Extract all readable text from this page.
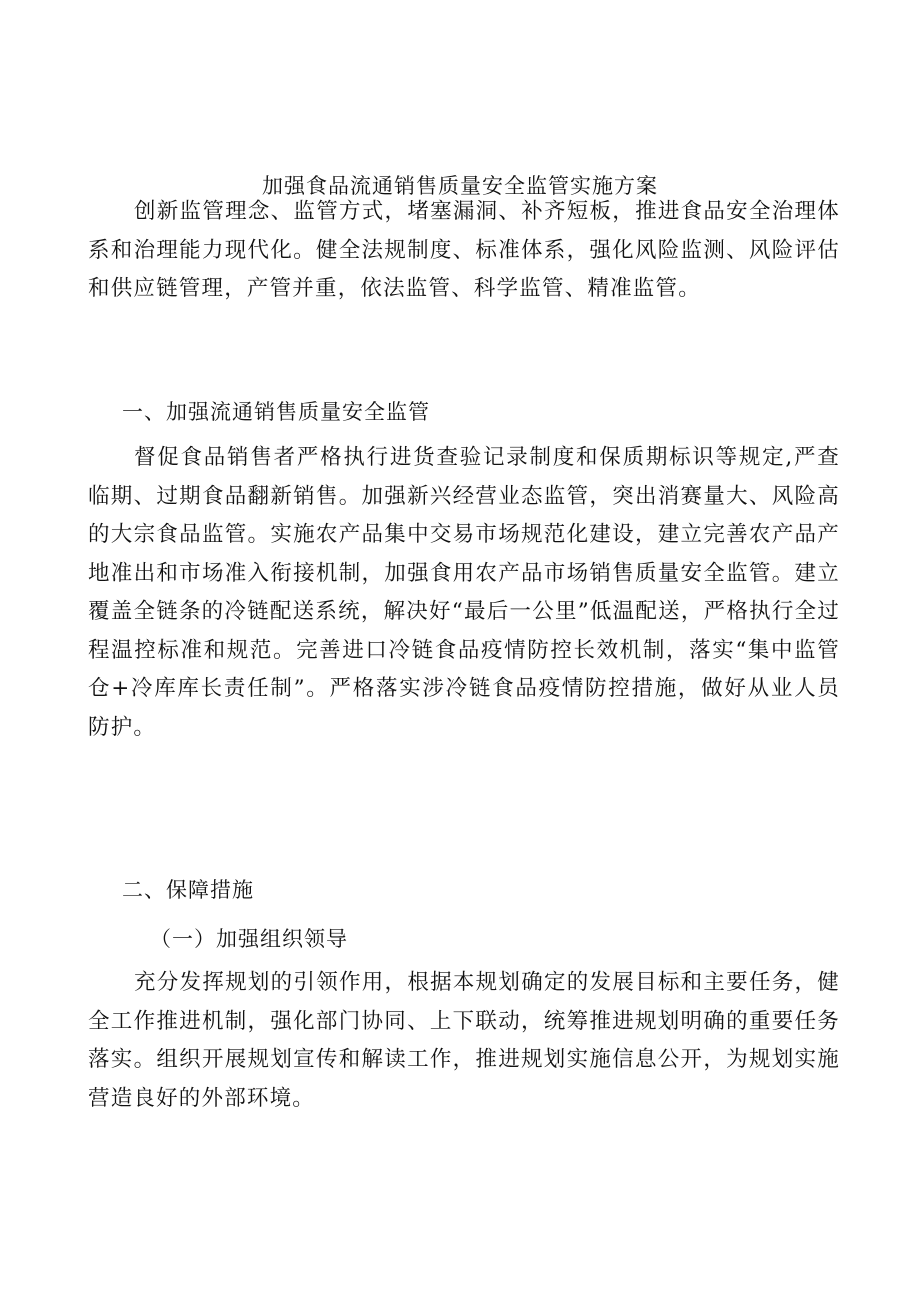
加强食品流通销售质量安全监管实施方案

创新监管理念、监管方式，堵塞漏洞、补齐短板，推进食品安全治理体系和治理能力现代化。健全法规制度、标准体系，强化风险监测、风险评估和供应链管理，产管并重，依法监管、科学监管、精准监管。

一、加强流通销售质量安全监管

督促食品销售者严格执行进货查验记录制度和保质期标识等规定,严查临期、过期食品翻新销售。加强新兴经营业态监管，突出消赛量大、风险高的大宗食品监管。实施农产品集中交易市场规范化建设，建立完善农产品产地准出和市场准入衔接机制，加强食用农产品市场销售质量安全监管。建立覆盖全链条的冷链配送系统，解决好“最后一公里”低温配送，严格执行全过程温控标准和规范。完善进口冷链食品疫情防控长效机制，落实“集中监管仓+冷库库长责任制”。严格落实涉冷链食品疫情防控措施，做好从业人员防护。

二、保障措施
（一）加强组织领导

充分发挥规划的引领作用，根据本规划确定的发展目标和主要任务，健全工作推进机制，强化部门协同、上下联动，统筹推进规划明确的重要任务落实。组织开展规划宣传和解读工作，推进规划实施信息公开，为规划实施营造良好的外部环境。
